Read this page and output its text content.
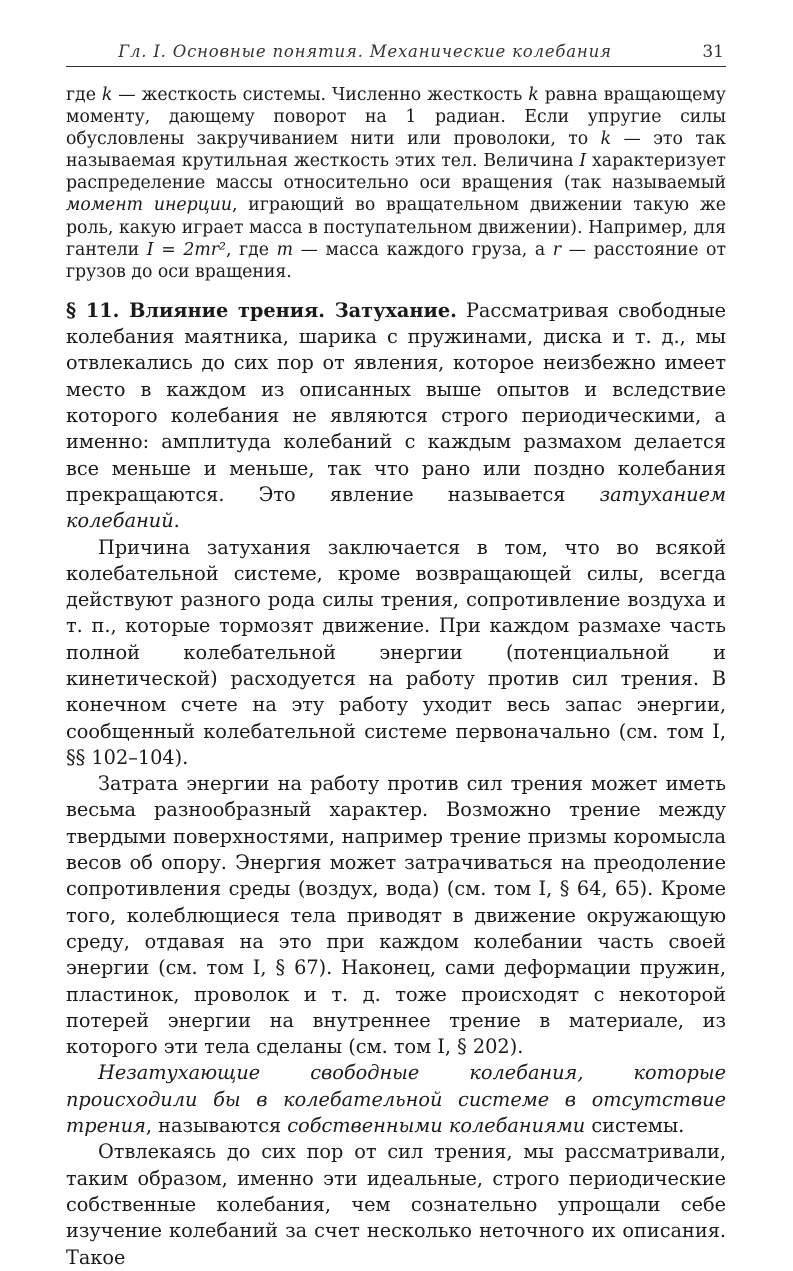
Гл. I. Основные понятия. Механические колебания	31

где k — жесткость системы. Численно жесткость k равна вращающему моменту, дающему поворот на 1 радиан. Если упругие силы обусловлены закручиванием нити или проволоки, то k — это так называемая крутильная жесткость этих тел. Величина I характеризует распределение массы относительно оси вращения (так называемый момент инерции, играющий во вращательном движении такую же роль, какую играет масса в поступательном движении). Например, для гантели I = 2mr², где m — масса каждого груза, а r — расстояние от грузов до оси вращения.

§ 11. Влияние трения. Затухание. Рассматривая свободные колебания маятника, шарика с пружинами, диска и т. д., мы отвлекались до сих пор от явления, которое неизбежно имеет место в каждом из описанных выше опытов и вследствие которого колебания не являются строго периодическими, а именно: амплитуда колебаний с каждым размахом делается все меньше и меньше, так что рано или поздно колебания прекращаются. Это явление называется затуханием колебаний.

Причина затухания заключается в том, что во всякой колебательной системе, кроме возвращающей силы, всегда действуют разного рода силы трения, сопротивление воздуха и т. п., которые тормозят движение. При каждом размахе часть полной колебательной энергии (потенциальной и кинетической) расходуется на работу против сил трения. В конечном счете на эту работу уходит весь запас энергии, сообщенный колебательной системе первоначально (см. том I, §§ 102–104).

Затрата энергии на работу против сил трения может иметь весьма разнообразный характер. Возможно трение между твердыми поверхностями, например трение призмы коромысла весов об опору. Энергия может затрачиваться на преодоление сопротивления среды (воздух, вода) (см. том I, § 64, 65). Кроме того, колеблющиеся тела приводят в движение окружающую среду, отдавая на это при каждом колебании часть своей энергии (см. том I, § 67). Наконец, сами деформации пружин, пластинок, проволок и т. д. тоже происходят с некоторой потерей энергии на внутреннее трение в материале, из которого эти тела сделаны (см. том I, § 202).

Незатухающие свободные колебания, которые происходили бы в колебательной системе в отсутствие трения, называются собственными колебаниями системы.

Отвлекаясь до сих пор от сил трения, мы рассматривали, таким образом, именно эти идеальные, строго периодические собственные колебания, чем сознательно упрощали себе изучение колебаний за счет несколько неточного их описания. Такое
